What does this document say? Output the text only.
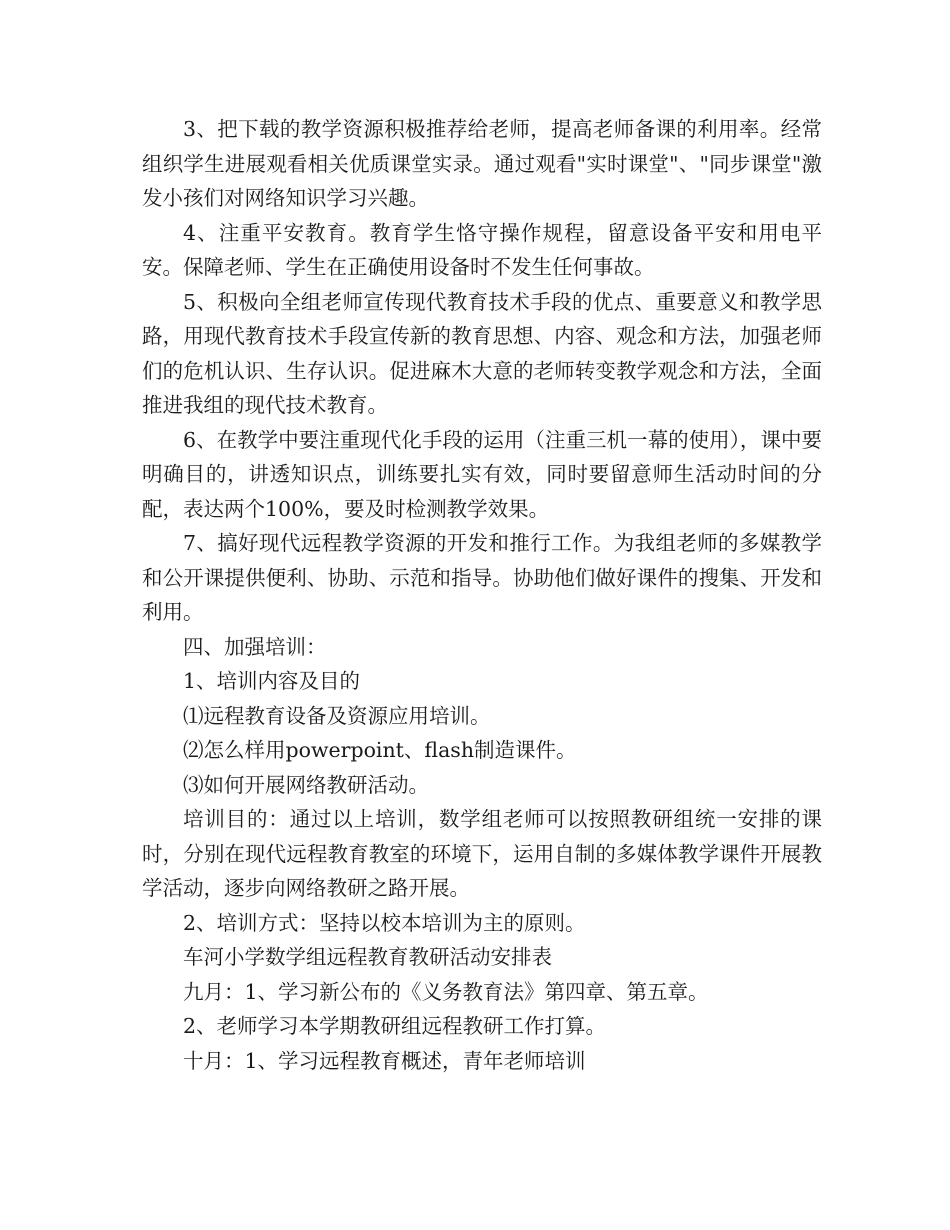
3、把下载的教学资源积极推荐给老师，提高老师备课的利用率。经常组织学生进展观看相关优质课堂实录。通过观看"实时课堂"、"同步课堂"激发小孩们对网络知识学习兴趣。

4、注重平安教育。教育学生恪守操作规程，留意设备平安和用电平安。保障老师、学生在正确使用设备时不发生任何事故。

5、积极向全组老师宣传现代教育技术手段的优点、重要意义和教学思路，用现代教育技术手段宣传新的教育思想、内容、观念和方法，加强老师们的危机认识、生存认识。促进麻木大意的老师转变教学观念和方法，全面推进我组的现代技术教育。

6、在教学中要注重现代化手段的运用（注重三机一幕的使用），课中要明确目的，讲透知识点，训练要扎实有效，同时要留意师生活动时间的分配，表达两个100%，要及时检测教学效果。

7、搞好现代远程教学资源的开发和推行工作。为我组老师的多媒教学和公开课提供便利、协助、示范和指导。协助他们做好课件的搜集、开发和利用。

四、加强培训：

1、培训内容及目的

⑴远程教育设备及资源应用培训。

⑵怎么样用powerpoint、flash制造课件。

⑶如何开展网络教研活动。

培训目的：通过以上培训，数学组老师可以按照教研组统一安排的课时，分别在现代远程教育教室的环境下，运用自制的多媒体教学课件开展教学活动，逐步向网络教研之路开展。

2、培训方式：坚持以校本培训为主的原则。

车河小学数学组远程教育教研活动安排表

九月：1、学习新公布的《义务教育法》第四章、第五章。

2、老师学习本学期教研组远程教研工作打算。

十月：1、学习远程教育概述，青年老师培训
